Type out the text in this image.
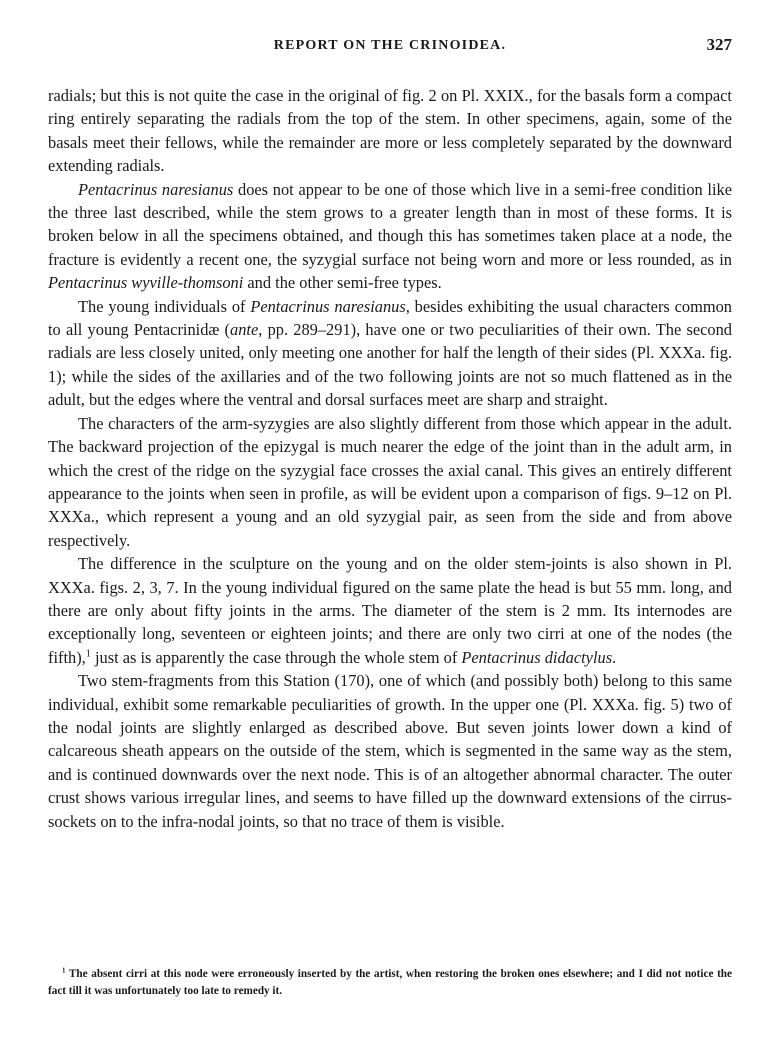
REPORT ON THE CRINOIDEA.	327

radials; but this is not quite the case in the original of fig. 2 on Pl. XXIX., for the basals form a compact ring entirely separating the radials from the top of the stem. In other specimens, again, some of the basals meet their fellows, while the remainder are more or less completely separated by the downward extending radials.

Pentacrinus naresianus does not appear to be one of those which live in a semi-free condition like the three last described, while the stem grows to a greater length than in most of these forms. It is broken below in all the specimens obtained, and though this has sometimes taken place at a node, the fracture is evidently a recent one, the syzygial surface not being worn and more or less rounded, as in Pentacrinus wyville-thomsoni and the other semi-free types.

The young individuals of Pentacrinus naresianus, besides exhibiting the usual characters common to all young Pentacrinidæ (ante, pp. 289–291), have one or two peculiarities of their own. The second radials are less closely united, only meeting one another for half the length of their sides (Pl. XXXa. fig. 1); while the sides of the axillaries and of the two following joints are not so much flattened as in the adult, but the edges where the ventral and dorsal surfaces meet are sharp and straight.

The characters of the arm-syzygies are also slightly different from those which appear in the adult. The backward projection of the epizygal is much nearer the edge of the joint than in the adult arm, in which the crest of the ridge on the syzygial face crosses the axial canal. This gives an entirely different appearance to the joints when seen in profile, as will be evident upon a comparison of figs. 9–12 on Pl. XXXa., which represent a young and an old syzygial pair, as seen from the side and from above respectively.

The difference in the sculpture on the young and on the older stem-joints is also shown in Pl. XXXa. figs. 2, 3, 7. In the young individual figured on the same plate the head is but 55 mm. long, and there are only about fifty joints in the arms. The diameter of the stem is 2 mm. Its internodes are exceptionally long, seventeen or eighteen joints; and there are only two cirri at one of the nodes (the fifth),$^1$ just as is apparently the case through the whole stem of Pentacrinus didactylus.

Two stem-fragments from this Station (170), one of which (and possibly both) belong to this same individual, exhibit some remarkable peculiarities of growth. In the upper one (Pl. XXXa. fig. 5) two of the nodal joints are slightly enlarged as described above. But seven joints lower down a kind of calcareous sheath appears on the outside of the stem, which is segmented in the same way as the stem, and is continued downwards over the next node. This is of an altogether abnormal character. The outer crust shows various irregular lines, and seems to have filled up the downward extensions of the cirrus-sockets on to the infra-nodal joints, so that no trace of them is visible.

$^1$ The absent cirri at this node were erroneously inserted by the artist, when restoring the broken ones elsewhere; and I did not notice the fact till it was unfortunately too late to remedy it.
